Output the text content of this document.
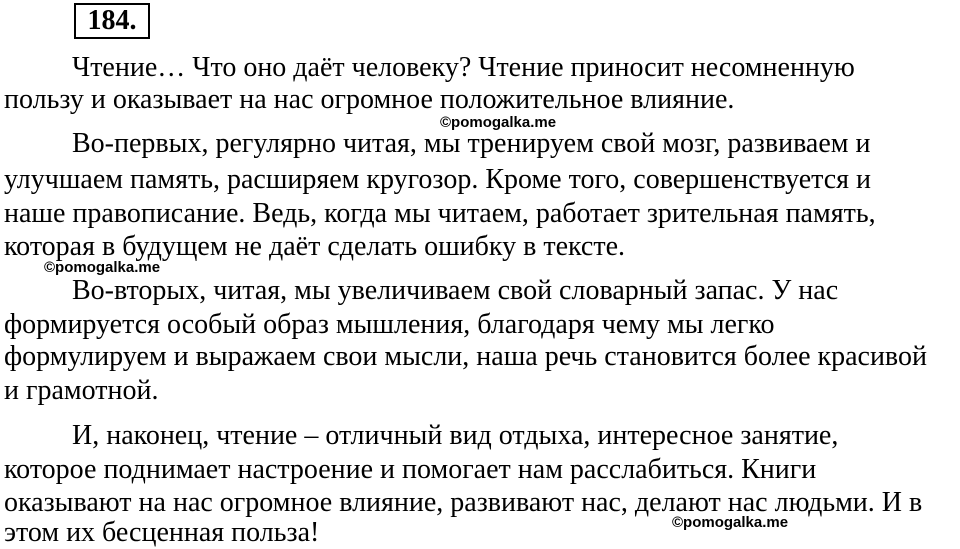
184.
Чтение… Что оно даёт человеку? Чтение приносит несомненную
пользу и оказывает на нас огромное положительное влияние.
©pomogalka.me
Во-первых, регулярно читая, мы тренируем свой мозг, развиваем и
улучшаем память, расширяем кругозор. Кроме того, совершенствуется и
наше правописание. Ведь, когда мы читаем, работает зрительная память,
которая в будущем не даёт сделать ошибку в тексте.
©pomogalka.me
Во-вторых, читая, мы увеличиваем свой словарный запас. У нас
формируется особый образ мышления, благодаря чему мы легко
формулируем и выражаем свои мысли, наша речь становится более красивой
и грамотной.
И, наконец, чтение – отличный вид отдыха, интересное занятие,
которое поднимает настроение и помогает нам расслабиться. Книги
оказывают на нас огромное влияние, развивают нас, делают нас людьми. И в
©pomogalka.me
этом их бесценная польза!
